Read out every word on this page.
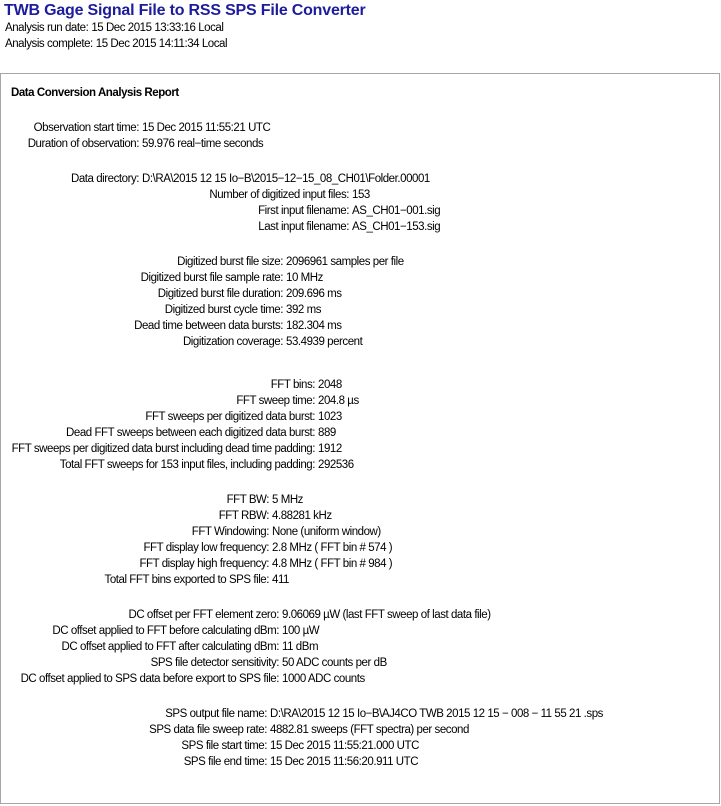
TWB Gage Signal File to RSS SPS File Converter
Analysis run date: 15 Dec 2015 13:33:16 Local
Analysis complete: 15 Dec 2015 14:11:34 Local
Data Conversion Analysis Report
Observation start time: 15 Dec 2015 11:55:21 UTC
Duration of observation: 59.976 real−time seconds
Data directory: D:\RA\2015 12 15 Io−B\2015−12−15_08_CH01\Folder.00001
Number of digitized input files: 153
First input filename: AS_CH01−001.sig
Last input filename: AS_CH01−153.sig
Digitized burst file size: 2096961 samples per file
Digitized burst file sample rate: 10 MHz
Digitized burst file duration: 209.696 ms
Digitized burst cycle time: 392 ms
Dead time between data bursts: 182.304 ms
Digitization coverage: 53.4939 percent
FFT bins: 2048
FFT sweep time: 204.8 µs
FFT sweeps per digitized data burst: 1023
Dead FFT sweeps between each digitized data burst: 889
FFT sweeps per digitized data burst including dead time padding: 1912
Total FFT sweeps for 153 input files, including padding: 292536
FFT BW: 5 MHz
FFT RBW: 4.88281 kHz
FFT Windowing: None (uniform window)
FFT display low frequency: 2.8 MHz ( FFT bin # 574 )
FFT display high frequency: 4.8 MHz ( FFT bin # 984 )
Total FFT bins exported to SPS file: 411
DC offset per FFT element zero: 9.06069 µW (last FFT sweep of last data file)
DC offset applied to FFT before calculating dBm: 100 µW
DC offset applied to FFT after calculating dBm: 11 dBm
SPS file detector sensitivity: 50 ADC counts per dB
DC offset applied to SPS data before export to SPS file: 1000 ADC counts
SPS output file name: D:\RA\2015 12 15 Io−B\AJ4CO TWB 2015 12 15 − 008 − 11 55 21 .sps
SPS data file sweep rate: 4882.81 sweeps (FFT spectra) per second
SPS file start time: 15 Dec 2015 11:55:21.000 UTC
SPS file end time: 15 Dec 2015 11:56:20.911 UTC
